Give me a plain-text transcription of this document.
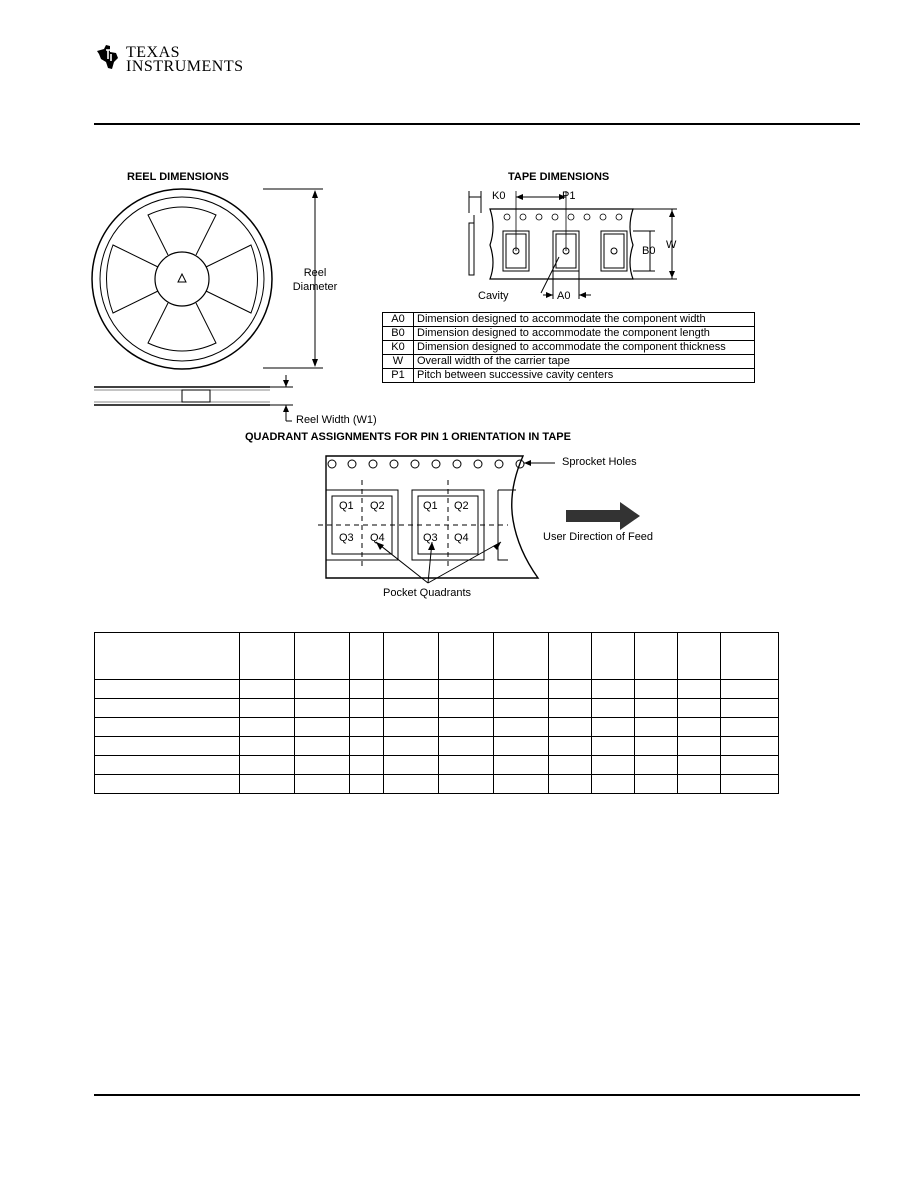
TEXAS
INSTRUMENTS
REEL DIMENSIONS
Reel
Diameter
Reel Width (W1)
TAPE DIMENSIONS
K0	P1
B0 W
Cavity	A0
A0	Dimension designed to accommodate the component width
B0	Dimension designed to accommodate the component length
K0	Dimension designed to accommodate the component thickness
W	Overall width of the carrier tape
P1	Pitch between successive cavity centers
QUADRANT ASSIGNMENTS FOR PIN 1 ORIENTATION IN TAPE
Q1 Q2
Q3 Q4
Q1 Q2
Q3 Q4
Sprocket Holes
User Direction of Feed
Pocket Quadrants
